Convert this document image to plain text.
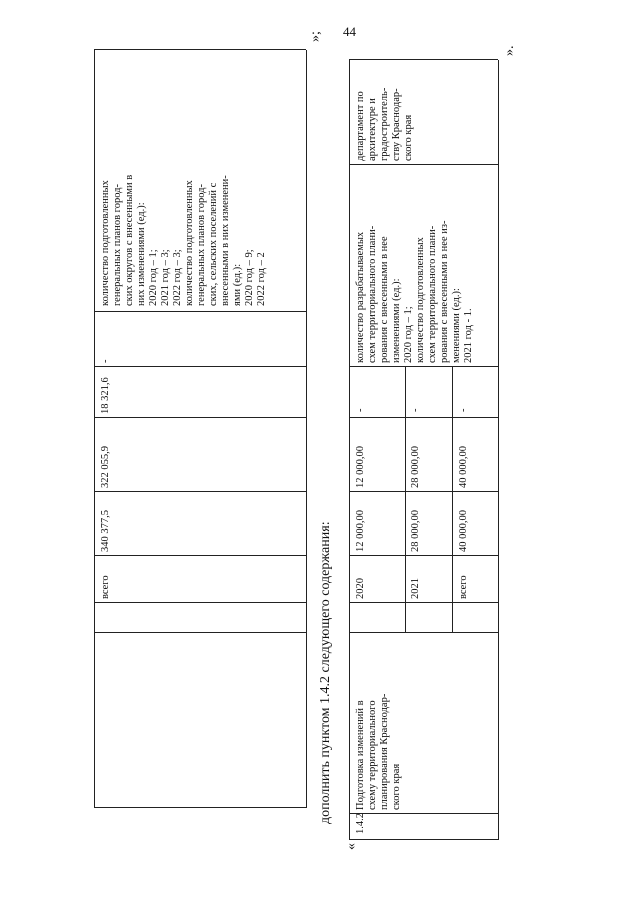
44
всего
340 377,5
322 055,9
18 321,6
-
количество подготовленных генеральных планов город- ских округов с внесенными в них изменениями (ед.): 2020 год – 1; 2021 год – 3; 2022 год – 3; количество подготовленных генеральных планов город- ских, сельских поселений с внесенными в них изменени- ями (ед.): 2020 год – 9; 2022 год – 2
»;
дополнить пунктом 1.4.2 следующего содержания:
«
1.4.2
Подготовка изменений в схему территориального планирования Краснодар- ского края
2020
12 000,00
12 000,00
-
2021
28 000,00
28 000,00
-
всего
40 000,00
40 000,00
-
количество разрабатываемых схем территориального плани- рования с внесенными в нее изменениями (ед.): 2020 год – 1; количество подготовленных схем территориального плани- рования с внесенными в нее из- менениями (ед.): 2021 год - 1.
департамент по архитектуре и градостроитель- ству Краснодар- ского края
».
